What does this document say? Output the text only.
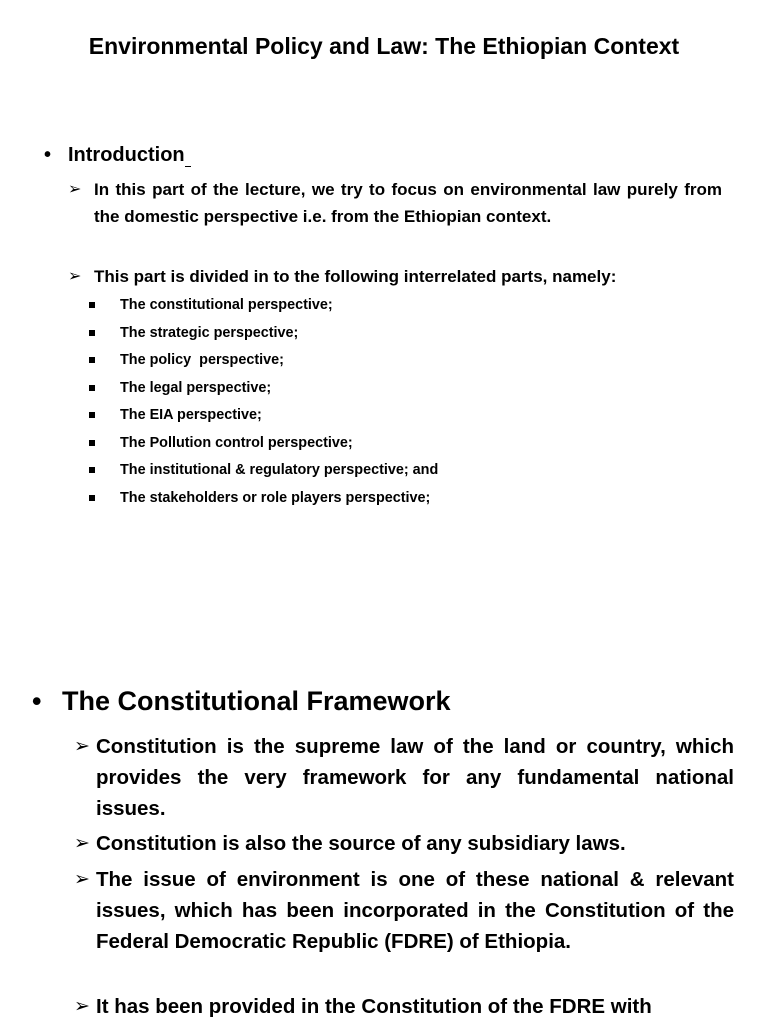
Environmental Policy and Law: The Ethiopian Context
• Introduction
➢ In this part of the lecture, we try to focus on environmental law purely from the domestic perspective i.e. from the Ethiopian context.
➢ This part is divided in to the following interrelated parts, namely:
The constitutional perspective;
The strategic perspective;
The policy  perspective;
The legal perspective;
The EIA perspective;
The Pollution control perspective;
The institutional & regulatory perspective; and
The stakeholders or role players perspective;
• The Constitutional Framework
➢ Constitution is the supreme law of the land or country, which provides the very framework for any fundamental national issues.
➢ Constitution is also the source of any subsidiary laws.
➢ The issue of environment is one of these national & relevant issues, which has been incorporated in the Constitution of the Federal Democratic Republic (FDRE) of Ethiopia.
➢ It has been provided in the Constitution of the FDRE with
